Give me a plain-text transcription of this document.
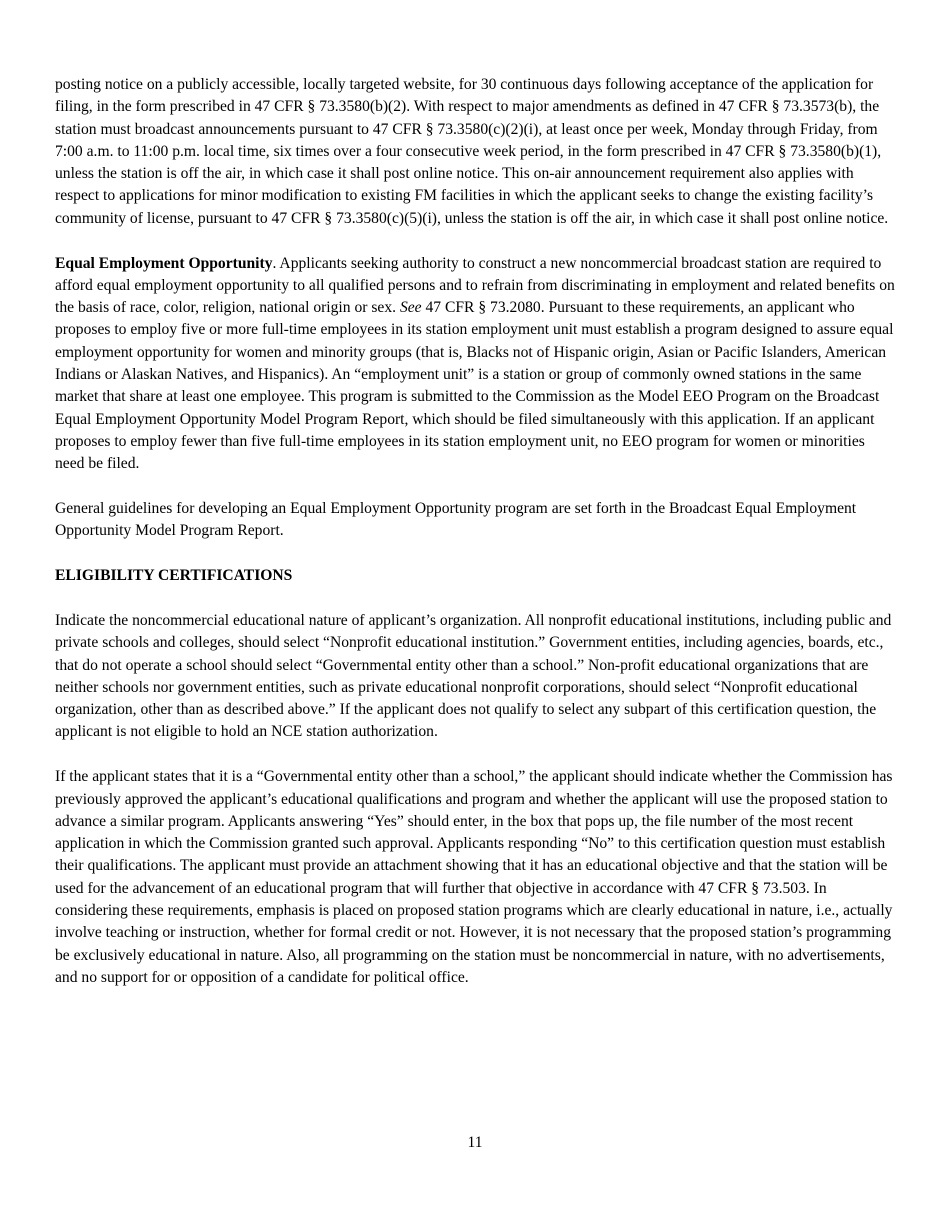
posting notice on a publicly accessible, locally targeted website, for 30 continuous days following acceptance of the application for filing, in the form prescribed in 47 CFR § 73.3580(b)(2). With respect to major amendments as defined in 47 CFR § 73.3573(b), the station must broadcast announcements pursuant to 47 CFR § 73.3580(c)(2)(i), at least once per week, Monday through Friday, from 7:00 a.m. to 11:00 p.m. local time, six times over a four consecutive week period, in the form prescribed in 47 CFR § 73.3580(b)(1), unless the station is off the air, in which case it shall post online notice. This on-air announcement requirement also applies with respect to applications for minor modification to existing FM facilities in which the applicant seeks to change the existing facility’s community of license, pursuant to 47 CFR § 73.3580(c)(5)(i), unless the station is off the air, in which case it shall post online notice.

Equal Employment Opportunity. Applicants seeking authority to construct a new noncommercial broadcast station are required to afford equal employment opportunity to all qualified persons and to refrain from discriminating in employment and related benefits on the basis of race, color, religion, national origin or sex. See 47 CFR § 73.2080. Pursuant to these requirements, an applicant who proposes to employ five or more full-time employees in its station employment unit must establish a program designed to assure equal employment opportunity for women and minority groups (that is, Blacks not of Hispanic origin, Asian or Pacific Islanders, American Indians or Alaskan Natives, and Hispanics). An “employment unit” is a station or group of commonly owned stations in the same market that share at least one employee. This program is submitted to the Commission as the Model EEO Program on the Broadcast Equal Employment Opportunity Model Program Report, which should be filed simultaneously with this application. If an applicant proposes to employ fewer than five full-time employees in its station employment unit, no EEO program for women or minorities need be filed.

General guidelines for developing an Equal Employment Opportunity program are set forth in the Broadcast Equal Employment Opportunity Model Program Report.

ELIGIBILITY CERTIFICATIONS

Indicate the noncommercial educational nature of applicant’s organization. All nonprofit educational institutions, including public and private schools and colleges, should select “Nonprofit educational institution.” Government entities, including agencies, boards, etc., that do not operate a school should select “Governmental entity other than a school.” Non-profit educational organizations that are neither schools nor government entities, such as private educational nonprofit corporations, should select “Nonprofit educational organization, other than as described above.” If the applicant does not qualify to select any subpart of this certification question, the applicant is not eligible to hold an NCE station authorization.

If the applicant states that it is a “Governmental entity other than a school,” the applicant should indicate whether the Commission has previously approved the applicant’s educational qualifications and program and whether the applicant will use the proposed station to advance a similar program. Applicants answering “Yes” should enter, in the box that pops up, the file number of the most recent application in which the Commission granted such approval. Applicants responding “No” to this certification question must establish their qualifications. The applicant must provide an attachment showing that it has an educational objective and that the station will be used for the advancement of an educational program that will further that objective in accordance with 47 CFR § 73.503. In considering these requirements, emphasis is placed on proposed station programs which are clearly educational in nature, i.e., actually involve teaching or instruction, whether for formal credit or not. However, it is not necessary that the proposed station’s programming be exclusively educational in nature. Also, all programming on the station must be noncommercial in nature, with no advertisements, and no support for or opposition of a candidate for political office.

11
